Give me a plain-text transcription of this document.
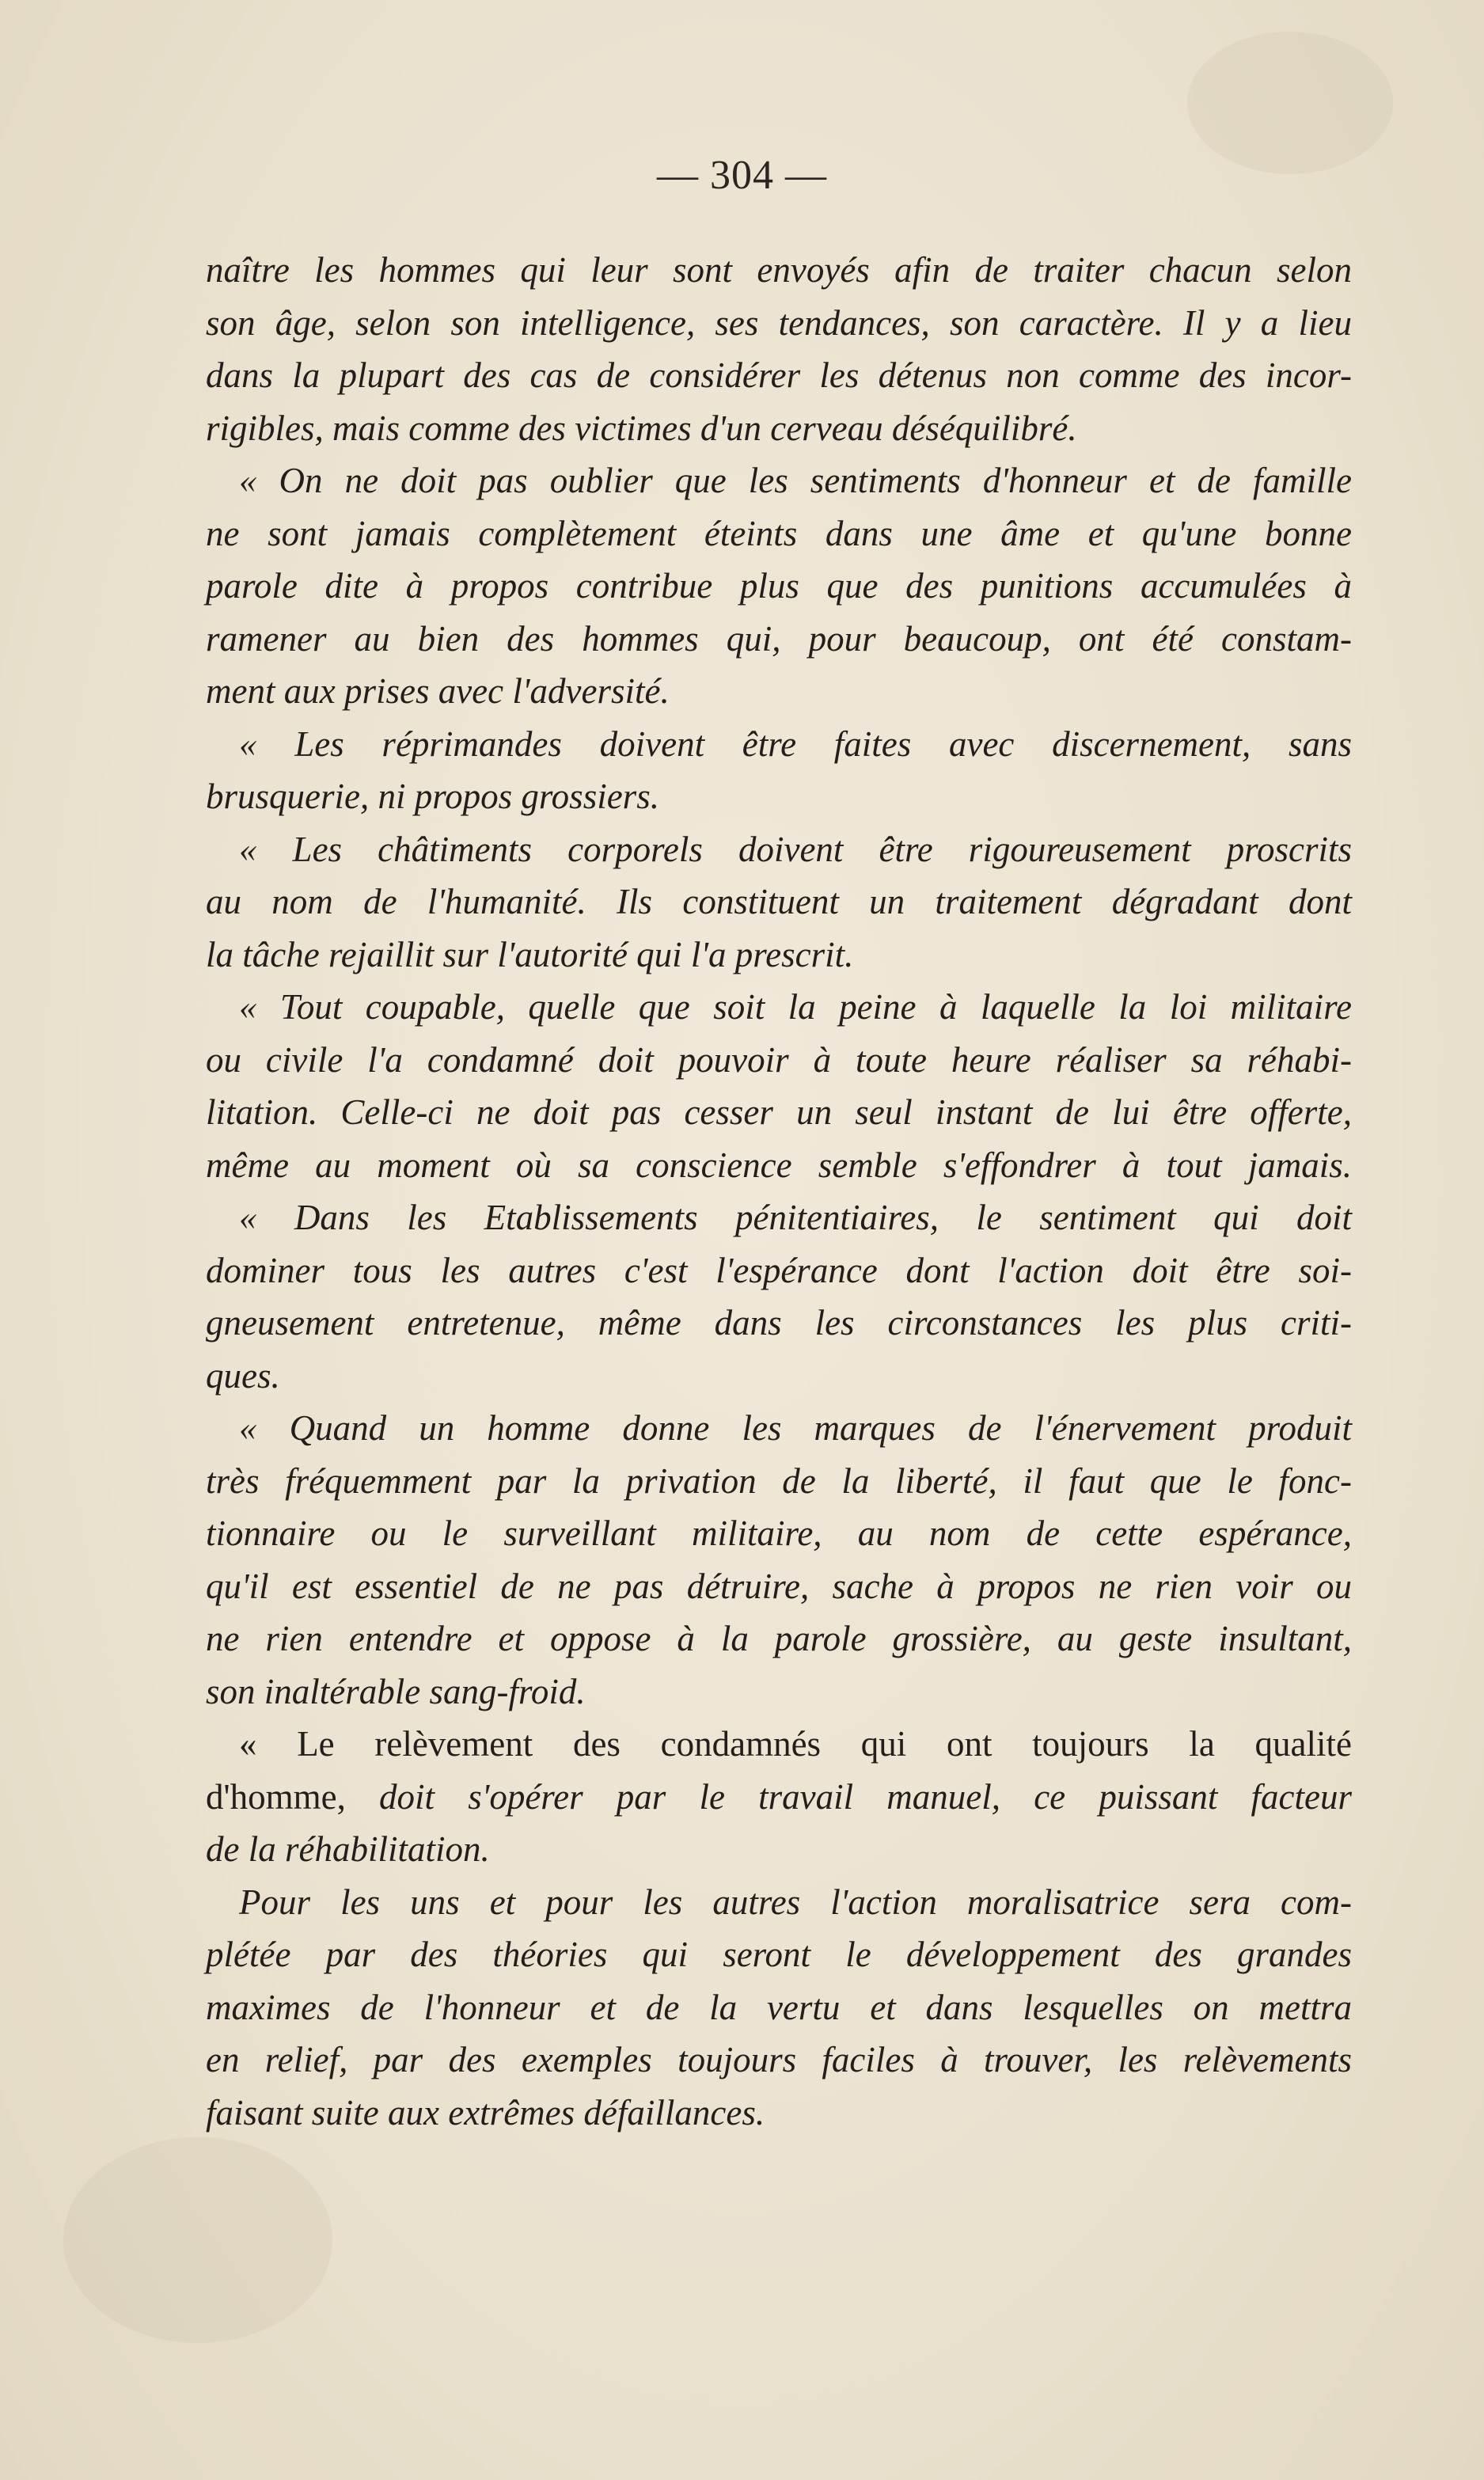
— 304 —
naître les hommes qui leur sont envoyés afin de traiter chacun selon
son âge, selon son intelligence, ses tendances, son caractère. Il y a lieu
dans la plupart des cas de considérer les détenus non comme des incor-
rigibles, mais comme des victimes d'un cerveau déséquilibré.
« On ne doit pas oublier que les sentiments d'honneur et de famille
ne sont jamais complètement éteints dans une âme et qu'une bonne
parole dite à propos contribue plus que des punitions accumulées à
ramener au bien des hommes qui, pour beaucoup, ont été constam-
ment aux prises avec l'adversité.
« Les réprimandes doivent être faites avec discernement, sans
brusquerie, ni propos grossiers.
« Les châtiments corporels doivent être rigoureusement proscrits
au nom de l'humanité. Ils constituent un traitement dégradant dont
la tâche rejaillit sur l'autorité qui l'a prescrit.
« Tout coupable, quelle que soit la peine à laquelle la loi militaire
ou civile l'a condamné doit pouvoir à toute heure réaliser sa réhabi-
litation. Celle-ci ne doit pas cesser un seul instant de lui être offerte,
même au moment où sa conscience semble s'effondrer à tout jamais.
« Dans les Etablissements pénitentiaires, le sentiment qui doit
dominer tous les autres c'est l'espérance dont l'action doit être soi-
gneusement entretenue, même dans les circonstances les plus criti-
ques.
« Quand un homme donne les marques de l'énervement produit
très fréquemment par la privation de la liberté, il faut que le fonc-
tionnaire ou le surveillant militaire, au nom de cette espérance,
qu'il est essentiel de ne pas détruire, sache à propos ne rien voir ou
ne rien entendre et oppose à la parole grossière, au geste insultant,
son inaltérable sang-froid.
« Le relèvement des condamnés qui ont toujours la qualité
d'homme, doit s'opérer par le travail manuel, ce puissant facteur
de la réhabilitation.
Pour les uns et pour les autres l'action moralisatrice sera com-
plétée par des théories qui seront le développement des grandes
maximes de l'honneur et de la vertu et dans lesquelles on mettra
en relief, par des exemples toujours faciles à trouver, les relèvements
faisant suite aux extrêmes défaillances.
